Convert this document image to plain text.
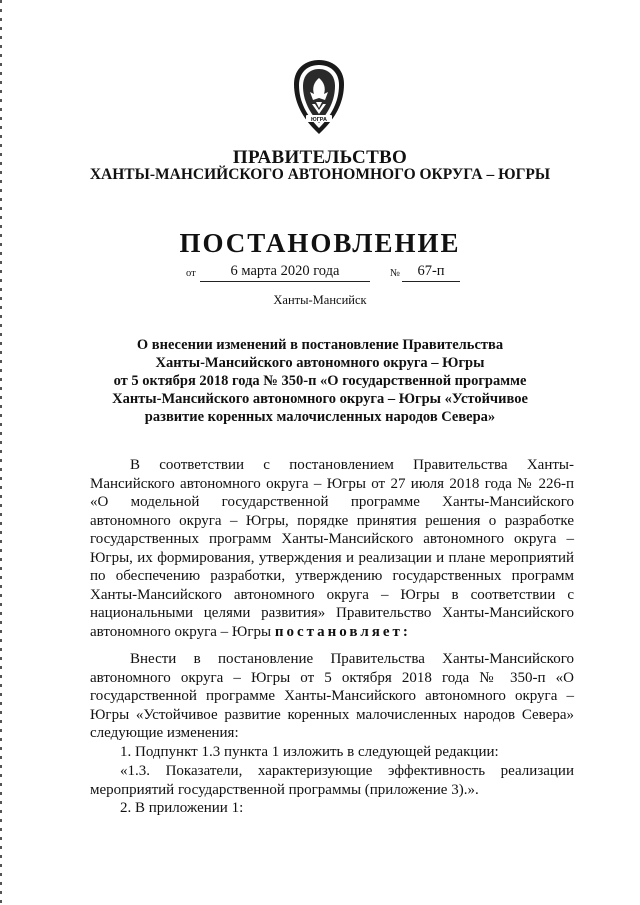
ЮГРА
ПРАВИТЕЛЬСТВО
ХАНТЫ-МАНСИЙСКОГО АВТОНОМНОГО ОКРУГА – ЮГРЫ
ПОСТАНОВЛЕНИЕ
от	6 марта 2020 года	№	67-п
Ханты-Мансийск
О внесении изменений в постановление Правительства
Ханты-Мансийского автономного округа – Югры
от 5 октября 2018 года № 350-п «О государственной программе
Ханты-Мансийского автономного округа – Югры «Устойчивое
развитие коренных малочисленных народов Севера»
В соответствии с постановлением Правительства Ханты-Мансийского автономного округа – Югры от 27 июля 2018 года № 226-п «О модельной государственной программе Ханты-Мансийского автономного округа – Югры, порядке принятия решения о разработке государственных программ Ханты-Мансийского автономного округа – Югры, их формирования, утверждения и реализации и плане мероприятий по обеспечению разработки, утверждению государственных программ Ханты-Мансийского автономного округа – Югры в соответствии с национальными целями развития» Правительство Ханты-Мансийского автономного округа – Югры постановляет:
Внести в постановление Правительства Ханты-Мансийского автономного округа – Югры от 5 октября 2018 года № 350-п «О государственной программе Ханты-Мансийского автономного округа – Югры «Устойчивое развитие коренных малочисленных народов Севера» следующие изменения:
1. Подпункт 1.3 пункта 1 изложить в следующей редакции:
«1.3. Показатели, характеризующие эффективность реализации мероприятий государственной программы (приложение 3).».
2. В приложении 1:
